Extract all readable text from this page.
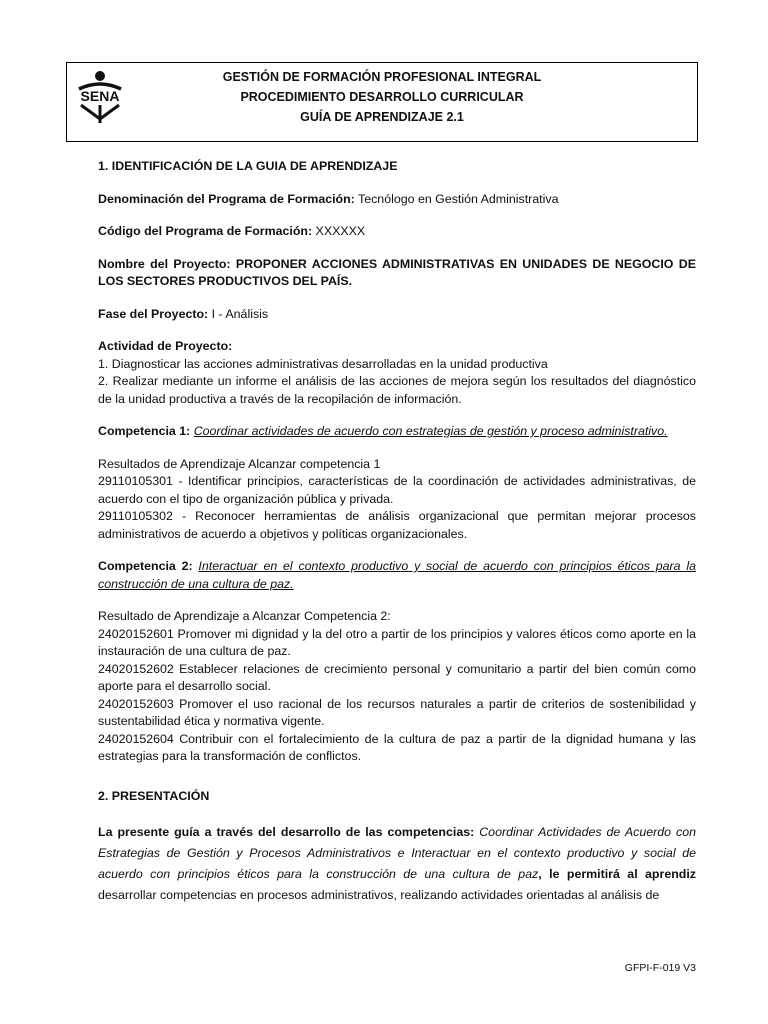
SENA
GESTIÓN DE FORMACIÓN PROFESIONAL INTEGRAL
PROCEDIMIENTO DESARROLLO CURRICULAR
GUÍA DE APRENDIZAJE 2.1

1. IDENTIFICACIÓN DE LA GUIA DE APRENDIZAJE

Denominación del Programa de Formación: Tecnólogo en Gestión Administrativa

Código del Programa de Formación: XXXXXX

Nombre del Proyecto: PROPONER ACCIONES ADMINISTRATIVAS EN UNIDADES DE NEGOCIO DE LOS SECTORES PRODUCTIVOS DEL PAÍS.

Fase del Proyecto: I - Análisis

Actividad de Proyecto:

1. Diagnosticar las acciones administrativas desarrolladas en la unidad productiva

2. Realizar mediante un informe el análisis de las acciones de mejora según los resultados del diagnóstico de la unidad productiva a través de la recopilación de información.

Competencia 1: Coordinar actividades de acuerdo con estrategias de gestión y proceso administrativo.

Resultados de Aprendizaje Alcanzar competencia 1

29110105301 - Identificar principios, características de la coordinación de actividades administrativas, de acuerdo con el tipo de organización pública y privada.

29110105302 - Reconocer herramientas de análisis organizacional que permitan mejorar procesos administrativos de acuerdo a objetivos y políticas organizacionales.

Competencia 2: Interactuar en el contexto productivo y social de acuerdo con principios éticos para la construcción de una cultura de paz.

Resultado de Aprendizaje a Alcanzar Competencia 2:

24020152601 Promover mi dignidad y la del otro a partir de los principios y valores éticos como aporte en la instauración de una cultura de paz.

24020152602 Establecer relaciones de crecimiento personal y comunitario a partir del bien común como aporte para el desarrollo social.

24020152603 Promover el uso racional de los recursos naturales a partir de criterios de sostenibilidad y sustentabilidad ética y normativa vigente.

24020152604 Contribuir con el fortalecimiento de la cultura de paz a partir de la dignidad humana y las estrategias para la transformación de conflictos.

2. PRESENTACIÓN

La presente guía a través del desarrollo de las competencias: Coordinar Actividades de Acuerdo con Estrategias de Gestión y Procesos Administrativos e Interactuar en el contexto productivo y social de acuerdo con principios éticos para la construcción de una cultura de paz, le permitirá al aprendiz desarrollar competencias en procesos administrativos, realizando actividades orientadas al análisis de

GFPI-F-019 V3
